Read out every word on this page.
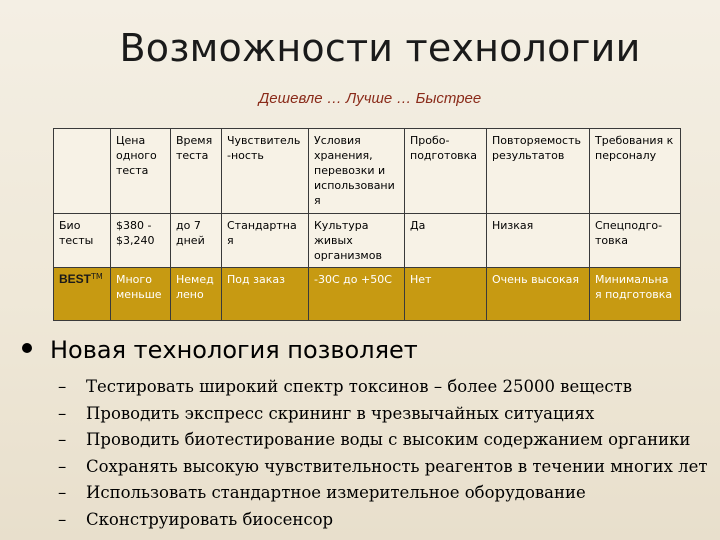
Возможности технологии
Дешевле … Лучше … Быстрее
	Цена одного теста	Время теста	Чувствитель-ность	Условия хранения, перевозки и использования	Пробо-подготовка	Повторяемость результатов	Требования к персоналу
Био тесты	$380 - $3,240	до 7 дней	Стандартная	Культура живых организмов	Да	Низкая	Спецподго-товка
BEST™	Много меньше	Немедлено	Под заказ	-30C до +50C	Нет	Очень высокая	Минимальная подготовка
Новая технология позволяет
– Тестировать широкий спектр токсинов – более 25000 веществ
– Проводить экспресс скрининг в чрезвычайных ситуациях
– Проводить биотестирование воды с высоким содержанием органики
– Сохранять высокую чувствительность реагентов в течении многих лет
– Использовать стандартное измерительное оборудование
– Сконструировать биосенсор
